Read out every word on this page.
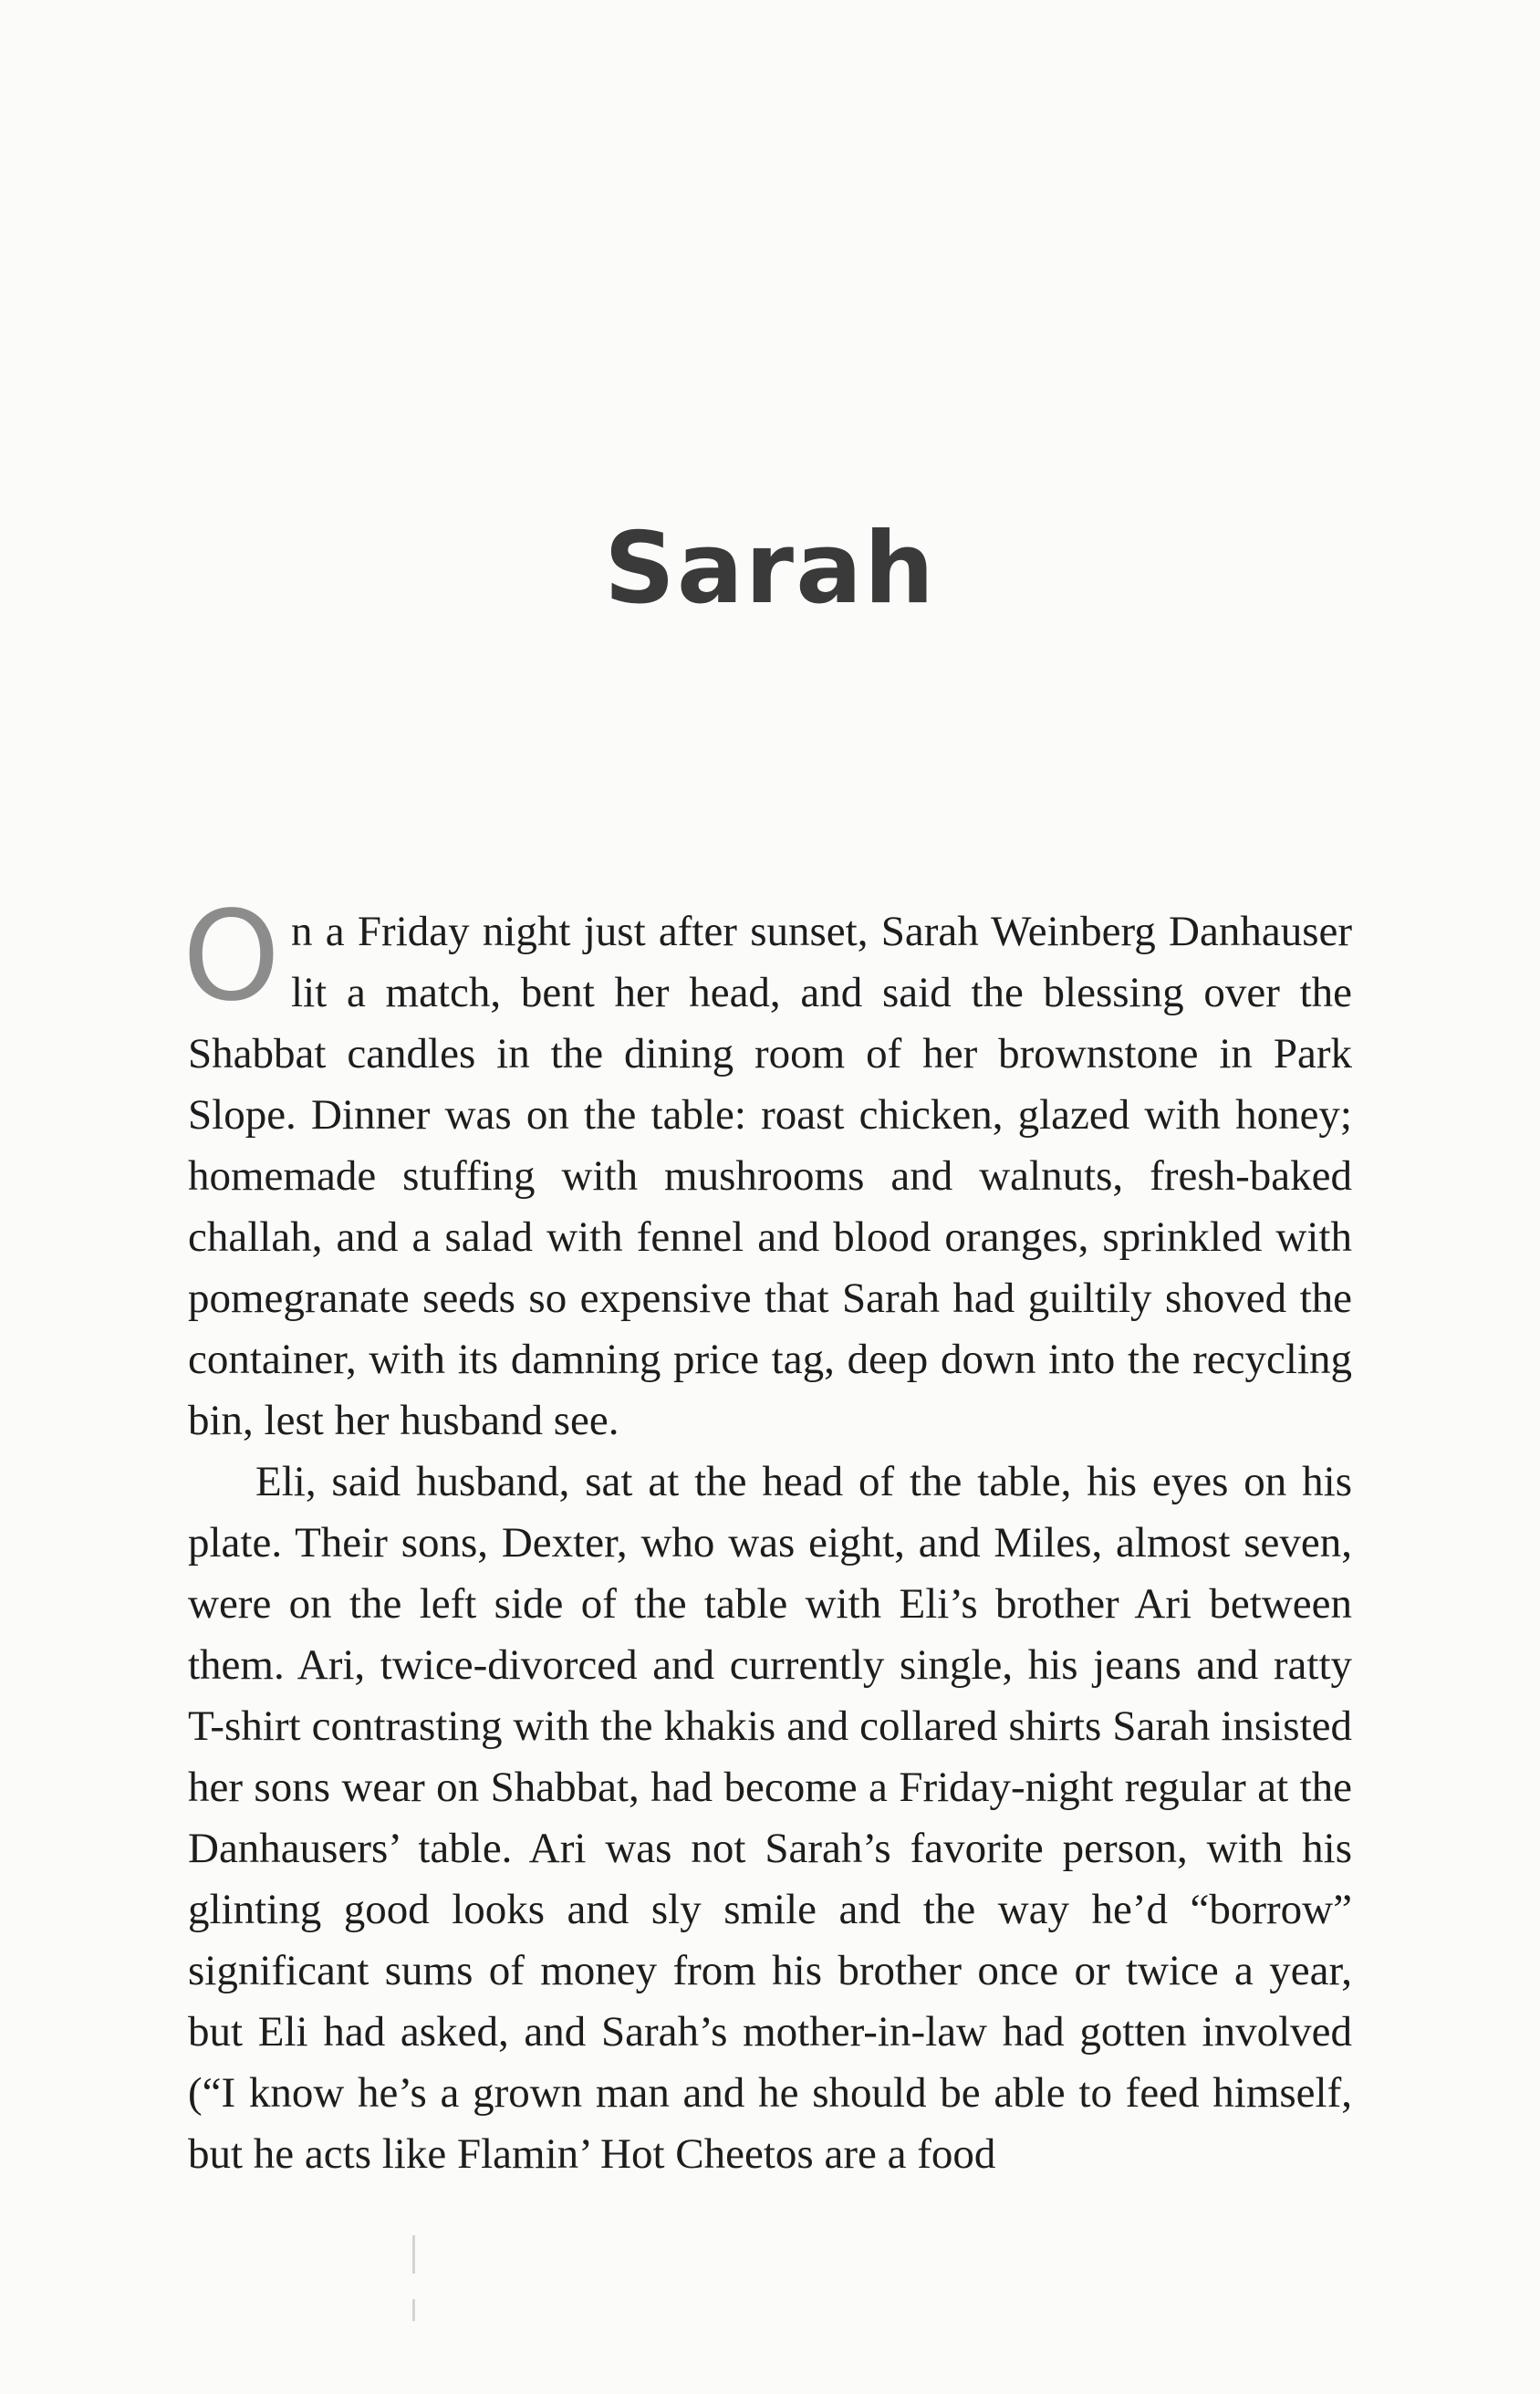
Sarah

On a Friday night just after sunset, Sarah Weinberg Danhauser lit a match, bent her head, and said the blessing over the Shabbat candles in the dining room of her brownstone in Park Slope. Dinner was on the table: roast chicken, glazed with honey; homemade stuffing with mushrooms and walnuts, fresh-baked challah, and a salad with fennel and blood oranges, sprinkled with pomegranate seeds so expensive that Sarah had guiltily shoved the container, with its damning price tag, deep down into the recycling bin, lest her husband see.

Eli, said husband, sat at the head of the table, his eyes on his plate. Their sons, Dexter, who was eight, and Miles, almost seven, were on the left side of the table with Eli’s brother Ari between them. Ari, twice-divorced and currently single, his jeans and ratty T-shirt contrasting with the khakis and collared shirts Sarah insisted her sons wear on Shabbat, had become a Friday-night regular at the Danhausers’ table. Ari was not Sarah’s favorite person, with his glinting good looks and sly smile and the way he’d “borrow” significant sums of money from his brother once or twice a year, but Eli had asked, and Sarah’s mother-in-law had gotten involved (“I know he’s a grown man and he should be able to feed himself, but he acts like Flamin’ Hot Cheetos are a food
